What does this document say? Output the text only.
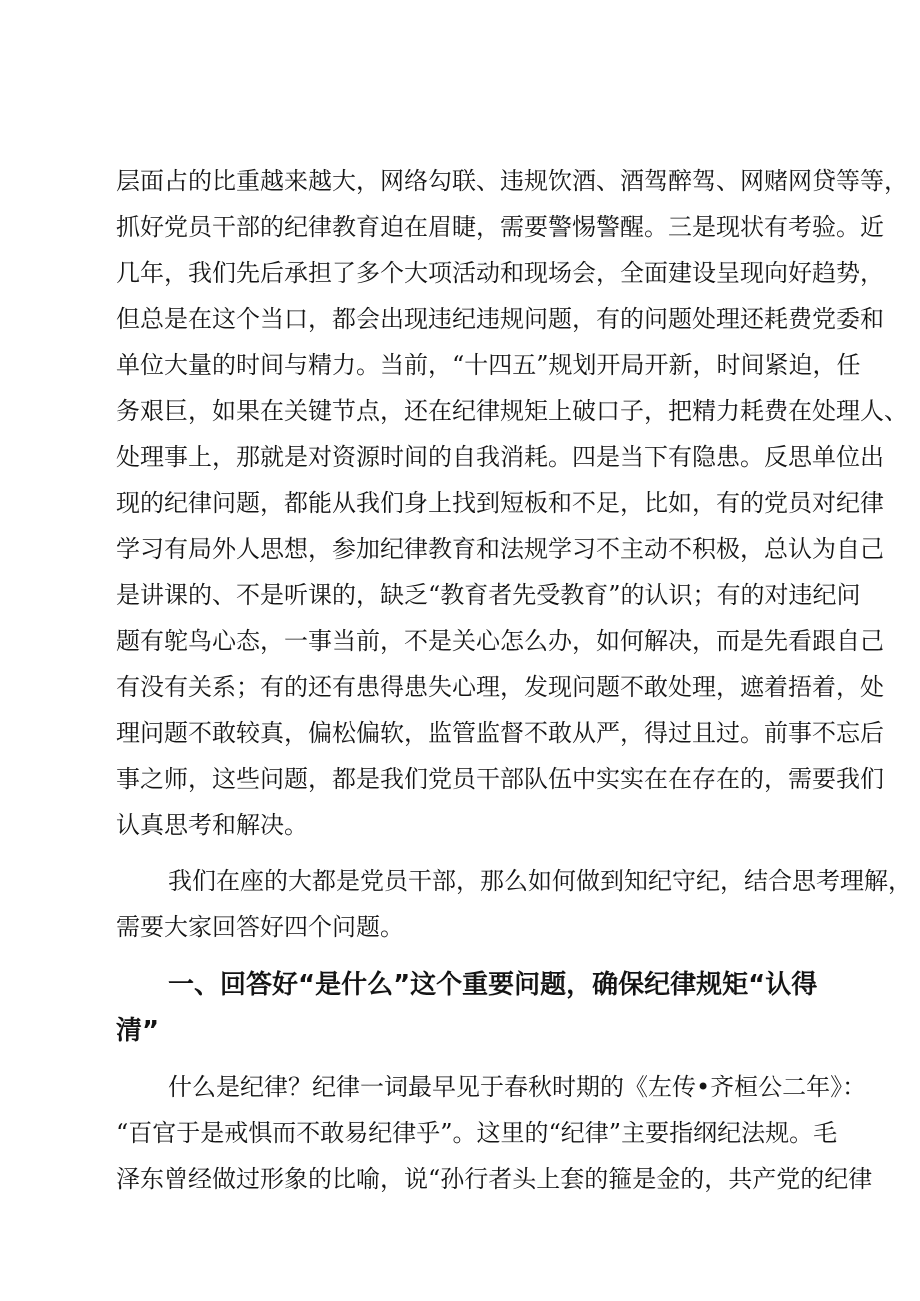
层面占的比重越来越大，网络勾联、违规饮酒、酒驾醉驾、网赌网贷等等，
抓好党员干部的纪律教育迫在眉睫，需要警惕警醒。三是现状有考验。近
几年，我们先后承担了多个大项活动和现场会，全面建设呈现向好趋势，
但总是在这个当口，都会出现违纪违规问题，有的问题处理还耗费党委和
单位大量的时间与精力。当前，“十四五”规划开局开新，时间紧迫，任
务艰巨，如果在关键节点，还在纪律规矩上破口子，把精力耗费在处理人、
处理事上，那就是对资源时间的自我消耗。四是当下有隐患。反思单位出
现的纪律问题，都能从我们身上找到短板和不足，比如，有的党员对纪律
学习有局外人思想，参加纪律教育和法规学习不主动不积极，总认为自己
是讲课的、不是听课的，缺乏“教育者先受教育”的认识；有的对违纪问
题有鸵鸟心态，一事当前，不是关心怎么办，如何解决，而是先看跟自己
有没有关系；有的还有患得患失心理，发现问题不敢处理，遮着捂着，处
理问题不敢较真，偏松偏软，监管监督不敢从严，得过且过。前事不忘后
事之师，这些问题，都是我们党员干部队伍中实实在在存在的，需要我们
认真思考和解决。
我们在座的大都是党员干部，那么如何做到知纪守纪，结合思考理解，
需要大家回答好四个问题。
一、回答好“是什么”这个重要问题，确保纪律规矩“认得
清”
什么是纪律？纪律一词最早见于春秋时期的《左传•齐桓公二年》：
“百官于是戒惧而不敢易纪律乎”。这里的“纪律”主要指纲纪法规。毛
泽东曾经做过形象的比喻，说“孙行者头上套的箍是金的，共产党的纪律
